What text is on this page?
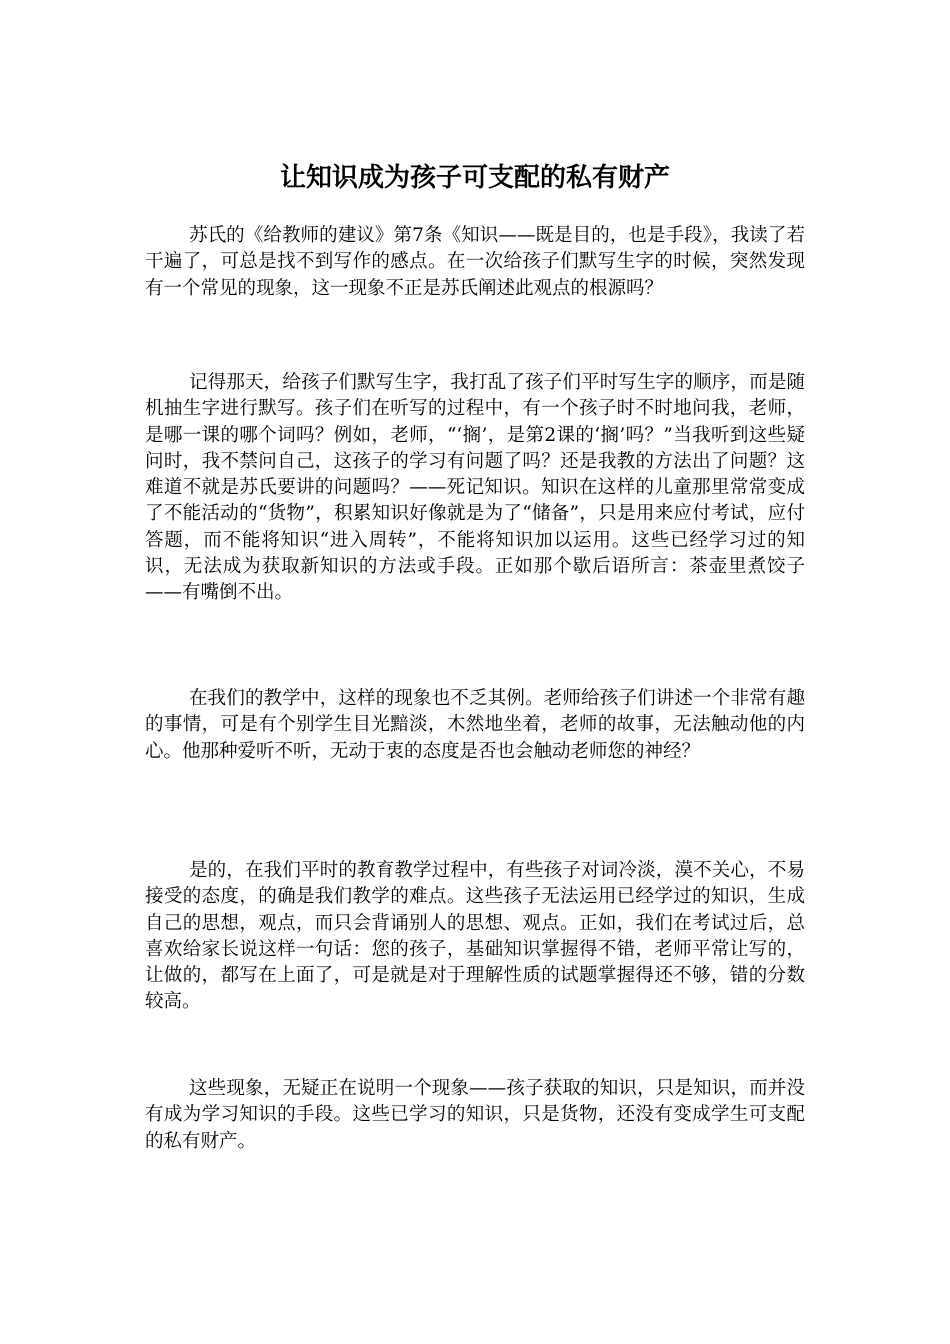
让知识成为孩子可支配的私有财产

苏氏的《给教师的建议》第7条《知识——既是目的，也是手段》，我读了若干遍了，可总是找不到写作的感点。在一次给孩子们默写生字的时候，突然发现有一个常见的现象，这一现象不正是苏氏阐述此观点的根源吗？

记得那天，给孩子们默写生字，我打乱了孩子们平时写生字的顺序，而是随机抽生字进行默写。孩子们在听写的过程中，有一个孩子时不时地问我，老师，是哪一课的哪个词吗？例如，老师，“‘搁’，是第2课的‘搁’吗？”当我听到这些疑问时，我不禁问自己，这孩子的学习有问题了吗？还是我教的方法出了问题？这难道不就是苏氏要讲的问题吗？——死记知识。知识在这样的儿童那里常常变成了不能活动的“货物”，积累知识好像就是为了“储备”，只是用来应付考试，应付答题，而不能将知识“进入周转”，不能将知识加以运用。这些已经学习过的知识，无法成为获取新知识的方法或手段。正如那个歇后语所言：茶壶里煮饺子——有嘴倒不出。

在我们的教学中，这样的现象也不乏其例。老师给孩子们讲述一个非常有趣的事情，可是有个别学生目光黯淡，木然地坐着，老师的故事，无法触动他的内心。他那种爱听不听，无动于衷的态度是否也会触动老师您的神经？

是的，在我们平时的教育教学过程中，有些孩子对词冷淡，漠不关心，不易接受的态度，的确是我们教学的难点。这些孩子无法运用已经学过的知识，生成自己的思想，观点，而只会背诵别人的思想、观点。正如，我们在考试过后，总喜欢给家长说这样一句话：您的孩子，基础知识掌握得不错，老师平常让写的，让做的，都写在上面了，可是就是对于理解性质的试题掌握得还不够，错的分数较高。

这些现象，无疑正在说明一个现象——孩子获取的知识，只是知识，而并没有成为学习知识的手段。这些已学习的知识，只是货物，还没有变成学生可支配的私有财产。
